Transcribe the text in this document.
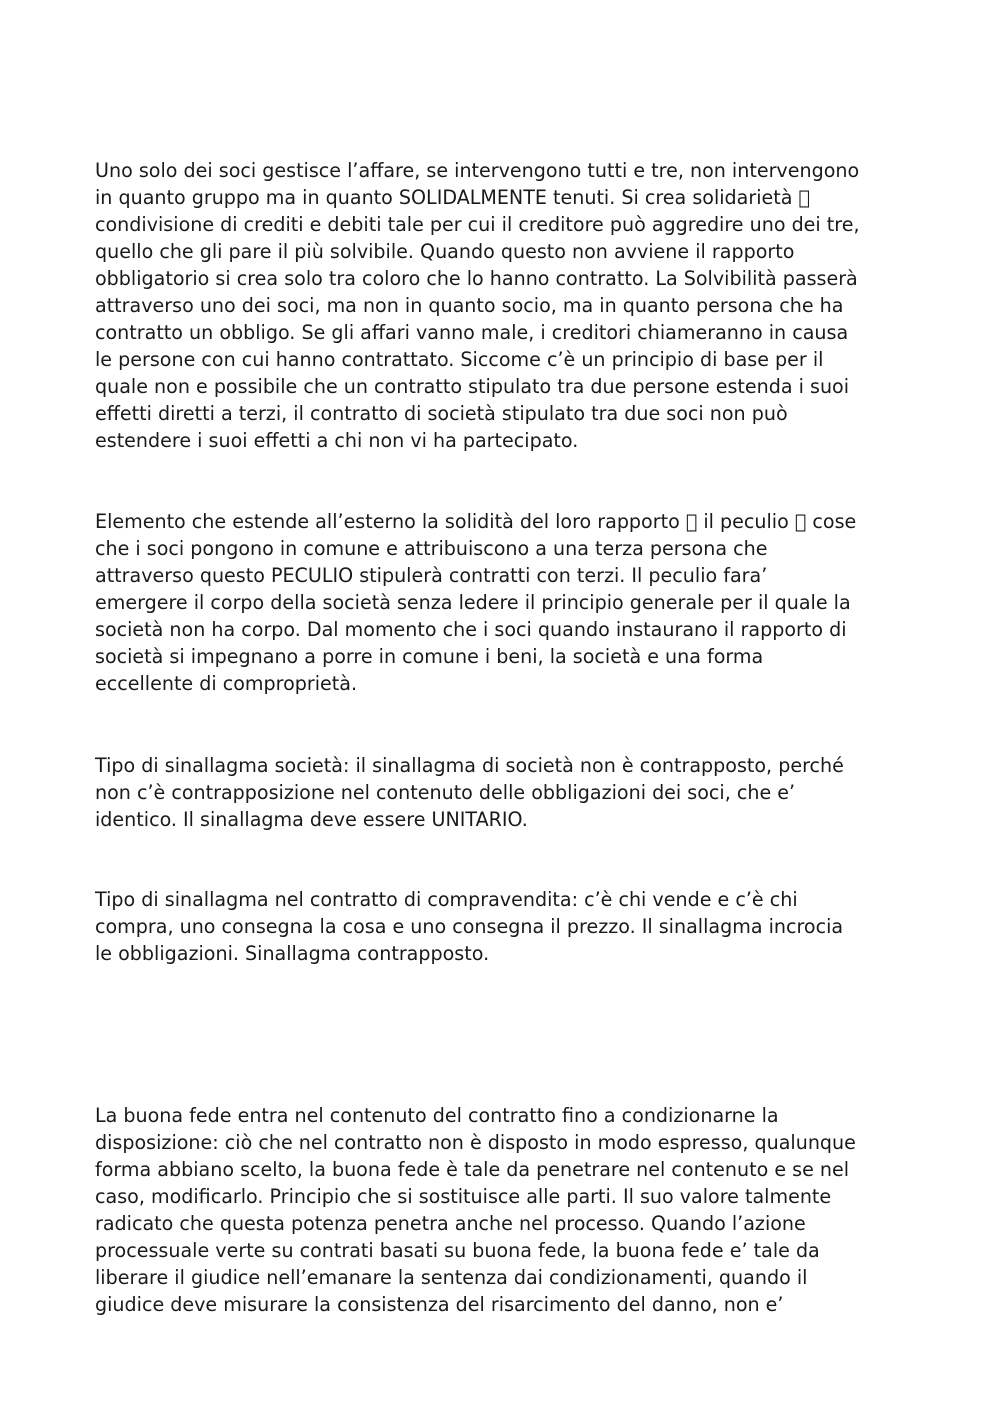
Uno solo dei soci gestisce l’affare, se intervengono tutti e tre, non intervengono
in quanto gruppo ma in quanto SOLIDALMENTE tenuti. Si crea solidarietà
condivisione di crediti e debiti tale per cui il creditore può aggredire uno dei tre,
quello che gli pare il più solvibile. Quando questo non avviene il rapporto
obbligatorio si crea solo tra coloro che lo hanno contratto. La Solvibilità passerà
attraverso uno dei soci, ma non in quanto socio, ma in quanto persona che ha
contratto un obbligo. Se gli affari vanno male, i creditori chiameranno in causa
le persone con cui hanno contrattato. Siccome c’è un principio di base per il
quale non e possibile che un contratto stipulato tra due persone estenda i suoi
effetti diretti a terzi, il contratto di società stipulato tra due soci non può
estendere i suoi effetti a chi non vi ha partecipato.
Elemento che estende all’esterno la solidità del loro rapporto   il peculio   cose
che i soci pongono in comune e attribuiscono a una terza persona che
attraverso questo PECULIO stipulerà contratti con terzi. Il peculio fara’
emergere il corpo della società senza ledere il principio generale per il quale la
società non ha corpo. Dal momento che i soci quando instaurano il rapporto di
società si impegnano a porre in comune i beni, la società e una forma
eccellente di comproprietà.
Tipo di sinallagma società: il sinallagma di società non è contrapposto, perché
non c’è contrapposizione nel contenuto delle obbligazioni dei soci, che e’
identico. Il sinallagma deve essere UNITARIO.
Tipo di sinallagma nel contratto di compravendita: c’è chi vende e c’è chi
compra, uno consegna la cosa e uno consegna il prezzo. Il sinallagma incrocia
le obbligazioni. Sinallagma contrapposto.
La buona fede entra nel contenuto del contratto fino a condizionarne la
disposizione: ciò che nel contratto non è disposto in modo espresso, qualunque
forma abbiano scelto, la buona fede è tale da penetrare nel contenuto e se nel
caso, modificarlo. Principio che si sostituisce alle parti. Il suo valore talmente
radicato che questa potenza penetra anche nel processo. Quando l’azione
processuale verte su contrati basati su buona fede, la buona fede e’ tale da
liberare il giudice nell’emanare la sentenza dai condizionamenti, quando il
giudice deve misurare la consistenza del risarcimento del danno, non e’
